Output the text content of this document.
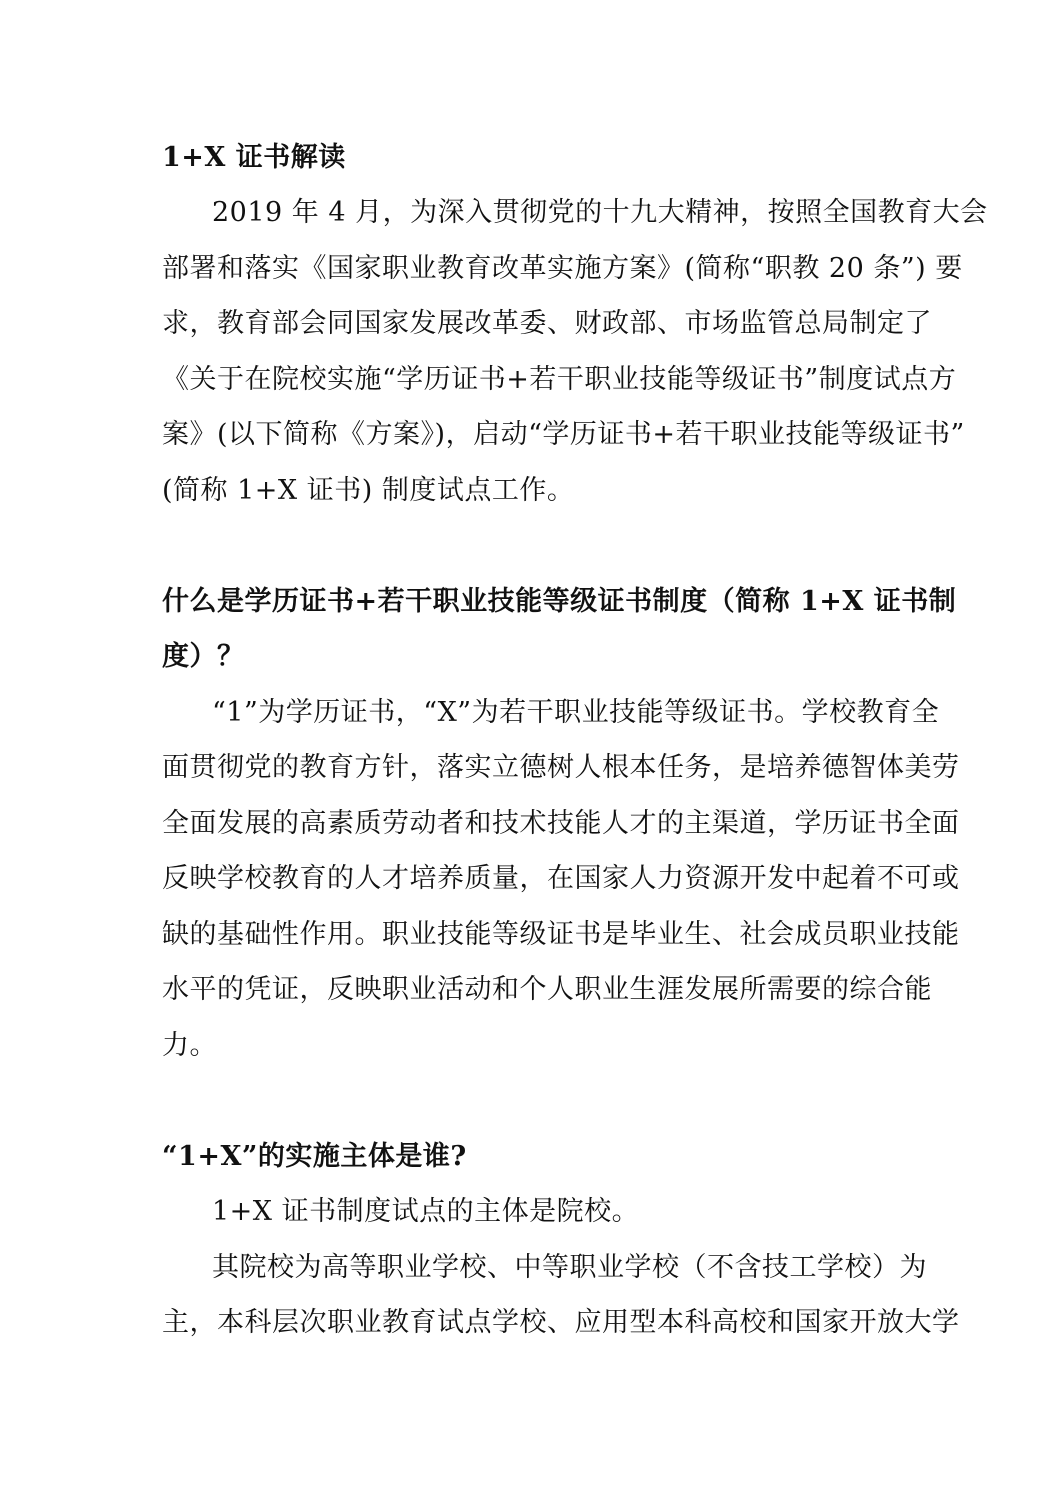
1+X 证书解读
2019 年 4 月，为深入贯彻党的十九大精神，按照全国教育大会
部署和落实《国家职业教育改革实施方案》(简称“职教 20 条”) 要
求，教育部会同国家发展改革委、财政部、市场监管总局制定了
《关于在院校实施“学历证书+若干职业技能等级证书”制度试点方
案》(以下简称《方案》)，启动“学历证书+若干职业技能等级证书”
(简称 1+X 证书) 制度试点工作。
什么是学历证书+若干职业技能等级证书制度（简称 1+X 证书制
度）？
“1”为学历证书，“X”为若干职业技能等级证书。学校教育全
面贯彻党的教育方针，落实立德树人根本任务，是培养德智体美劳
全面发展的高素质劳动者和技术技能人才的主渠道，学历证书全面
反映学校教育的人才培养质量，在国家人力资源开发中起着不可或
缺的基础性作用。职业技能等级证书是毕业生、社会成员职业技能
水平的凭证，反映职业活动和个人职业生涯发展所需要的综合能
力。
“1+X”的实施主体是谁?
1+X 证书制度试点的主体是院校。
其院校为高等职业学校、中等职业学校（不含技工学校）为
主，本科层次职业教育试点学校、应用型本科高校和国家开放大学
